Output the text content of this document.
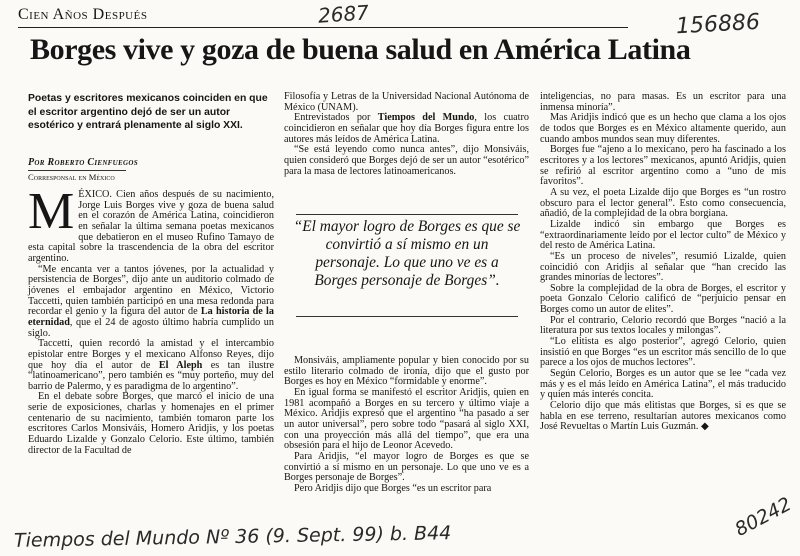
Cien Años Después	2687	156886
Borges vive y goza de buena salud en América Latina
Poetas y escritores mexicanos coinciden en que el escritor argentino dejó de ser un autor esotérico y entrará plenamente al siglo XXI.
Por Roberto Cienfuegos
Corresponsal en México
M ÉXICO. Cien años después de su nacimiento, Jorge Luis Borges vive y goza de buena salud en el corazón de América Latina, coincidieron en señalar la última semana poetas mexicanos que debatieron en el museo Rufino Tamayo de esta capital sobre la trascendencia de la obra del escritor argentino.

“Me encanta ver a tantos jóvenes, por la actualidad y persistencia de Borges”, dijo ante un auditorio colmado de jóvenes el embajador argentino en México, Victorio Taccetti, quien también participó en una mesa redonda para recordar el genio y la figura del autor de La historia de la eternidad, que el 24 de agosto último habría cumplido un siglo.

Taccetti, quien recordó la amistad y el intercambio epistolar entre Borges y el mexicano Alfonso Reyes, dijo que hoy día el autor de El Aleph es tan ilustre “latinoamericano”, pero también es “muy porteño, muy del barrio de Palermo, y es paradigma de lo argentino”.

En el debate sobre Borges, que marcó el inicio de una serie de exposiciones, charlas y homenajes en el primer centenario de su nacimiento, también tomaron parte los escritores Carlos Monsiváis, Homero Aridjis, y los poetas Eduardo Lizalde y Gonzalo Celorio. Este último, también director de la Facultad de

Filosofía y Letras de la Universidad Nacional Autónoma de México (UNAM).

Entrevistados por Tiempos del Mundo, los cuatro coincidieron en señalar que hoy día Borges figura entre los autores más leídos de América Latina.

“Se está leyendo como nunca antes”, dijo Monsiváis, quien consideró que Borges dejó de ser un autor “esotérico” para la masa de lectores latinoamericanos.

“El mayor logro de Borges es que se convirtió a sí mismo en un personaje. Lo que uno ve es a Borges personaje de Borges”.

Monsiváis, ampliamente popular y bien conocido por su estilo literario colmado de ironía, dijo que el gusto por Borges es hoy en México “formidable y enorme”.

En igual forma se manifestó el escritor Aridjis, quien en 1981 acompañó a Borges en su tercero y último viaje a México. Aridjis expresó que el argentino “ha pasado a ser un autor universal”, pero sobre todo “pasará al siglo XXI, con una proyección más allá del tiempo”, que era una obsesión para el hijo de Leonor Acevedo.

Para Aridjis, “el mayor logro de Borges es que se convirtió a sí mismo en un personaje. Lo que uno ve es a Borges personaje de Borges”.

Pero Aridjis dijo que Borges “es un escritor para

inteligencias, no para masas. Es un escritor para una inmensa minoría”.

Mas Aridjis indicó que es un hecho que clama a los ojos de todos que Borges es en México altamente querido, aun cuando ambos mundos sean muy diferentes.

Borges fue “ajeno a lo mexicano, pero ha fascinado a los escritores y a los lectores” mexicanos, apuntó Aridjis, quien se refirió al escritor argentino como a “uno de mis favoritos”.

A su vez, el poeta Lizalde dijo que Borges es “un rostro obscuro para el lector general”. Esto como consecuencia, añadió, de la complejidad de la obra borgiana.

Lizalde indicó sin embargo que Borges es “extraordinariamente leído por el lector culto” de México y del resto de América Latina.

“Es un proceso de niveles”, resumió Lizalde, quien coincidió con Aridjis al señalar que “han crecido las grandes minorías de lectores”.

Sobre la complejidad de la obra de Borges, el escritor y poeta Gonzalo Celorio calificó de “perjuicio pensar en Borges como un autor de elites”.

Por el contrario, Celorio recordó que Borges “nació a la literatura por sus textos locales y milongas”.

“Lo elitista es algo posterior”, agregó Celorio, quien insistió en que Borges “es un escritor más sencillo de lo que parece a los ojos de muchos lectores”.

Según Celorio, Borges es un autor que se lee “cada vez más y es el más leído en América Latina”, el más traducido y quien más interés concita.

Celorio dijo que más elitistas que Borges, si es que se habla en ese terreno, resultarían autores mexicanos como José Revueltas o Martín Luis Guzmán. ◆

Tiempos del Mundo Nº 36 (9. Sept. 99) b. B44	80242
